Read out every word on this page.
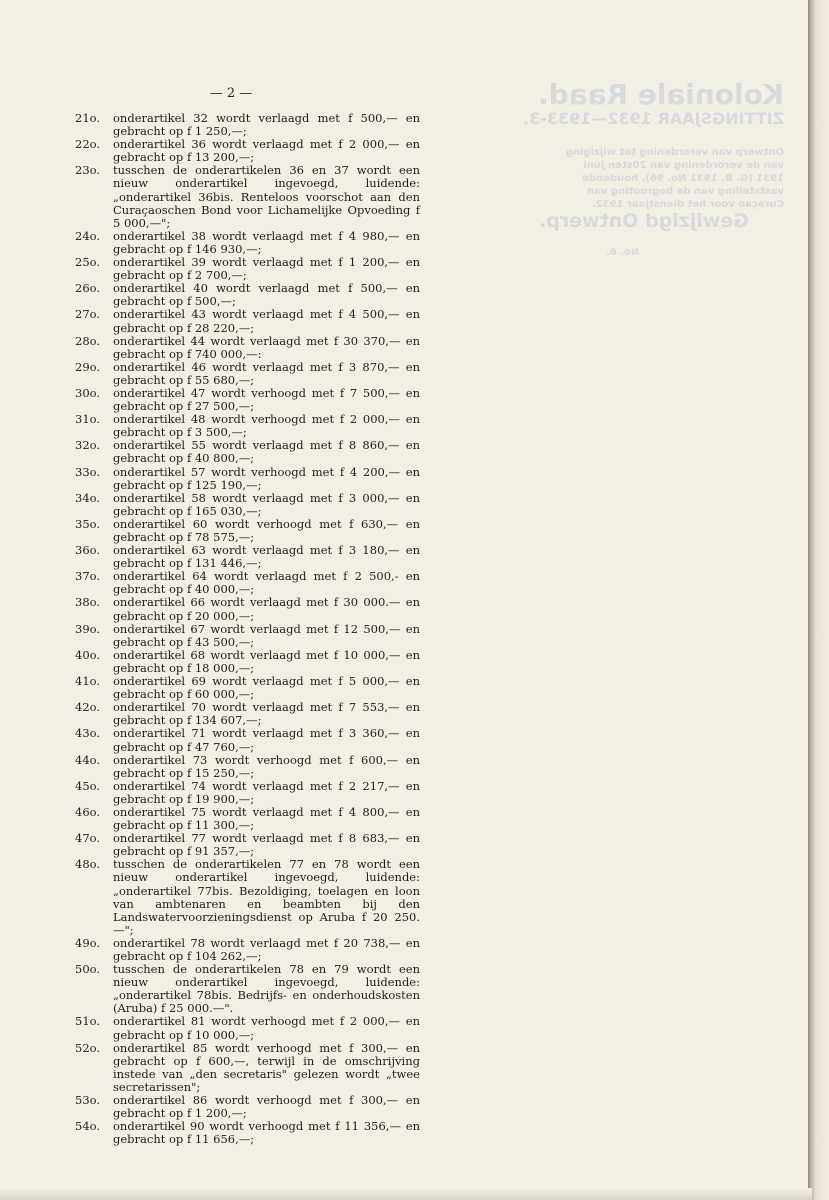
Koloniale Raad.
ZITTINGSJAAR 1932—1933-3.
Ontwerp van verordening tot wijziging van de verordening van 20sten Juni 1931 (G. B. 1931 No. 96), houdende vaststelling van de begrooting van Curaçao voor het dienstjaar 1932.
Gewijzigd Ontwerp.
No. 6.
— 2 —
21o.	onderartikel 32 wordt verlaagd met f 500,— en gebracht op f 1 250,—;
22o.	onderartikel 36 wordt verlaagd met f 2 000,— en gebracht op f 13 200,—;
23o.	tusschen de onderartikelen 36 en 37 wordt een nieuw onderartikel ingevoegd, luidende: „onderartikel 36bis. Renteloos voorschot aan den Curaçaoschen Bond voor Lichamelijke Opvoeding f 5 000,—";
24o.	onderartikel 38 wordt verlaagd met f 4 980,— en gebracht op f 146 930,—;
25o.	onderartikel 39 wordt verlaagd met f 1 200,— en gebracht op f 2 700,—;
26o.	onderartikel 40 wordt verlaagd met f 500,— en gebracht op f 500,—;
27o.	onderartikel 43 wordt verlaagd met f 4 500,— en gebracht op f 28 220,—;
28o.	onderartikel 44 wordt verlaagd met f 30 370,— en gebracht op f 740 000,—:
29o.	onderartikel 46 wordt verlaagd met f 3 870,— en gebracht op f 55 680,—;
30o.	onderartikel 47 wordt verhoogd met f 7 500,— en gebracht op f 27 500,—;
31o.	onderartikel 48 wordt verhoogd met f 2 000,— en gebracht op f 3 500,—;
32o.	onderartikel 55 wordt verlaagd met f 8 860,— en gebracht op f 40 800,—;
33o.	onderartikel 57 wordt verhoogd met f 4 200,— en gebracht op f 125 190,—;
34o.	onderartikel 58 wordt verlaagd met f 3 000,— en gebracht op f 165 030,—;
35o.	onderartikel 60 wordt verhoogd met f 630,— en gebracht op f 78 575,—;
36o.	onderartikel 63 wordt verlaagd met f 3 180,— en gebracht op f 131 446,—;
37o.	onderartikel 64 wordt verlaagd met f 2 500,- en gebracht op f 40 000,—;
38o.	onderartikel 66 wordt verlaagd met f 30 000.— en gebracht op f 20 000,—;
39o.	onderartikel 67 wordt verlaagd met f 12 500,— en gebracht op f 43 500,—;
40o.	onderartikel 68 wordt verlaagd met f 10 000,— en gebracht op f 18 000,—;
41o.	onderartikel 69 wordt verlaagd met f 5 000,— en gebracht op f 60 000,—;
42o.	onderartikel 70 wordt verlaagd met f 7 553,— en gebracht op f 134 607,—;
43o.	onderartikel 71 wordt verlaagd met f 3 360,— en gebracht op f 47 760,—;
44o.	onderartikel 73 wordt verhoogd met f 600,— en gebracht op f 15 250,—;
45o.	onderartikel 74 wordt verlaagd met f 2 217,— en gebracht op f 19 900,—;
46o.	onderartikel 75 wordt verlaagd met f 4 800,— en gebracht op f 11 300,—;
47o.	onderartikel 77 wordt verlaagd met f 8 683,— en gebracht op f 91 357,—;
48o.	tusschen de onderartikelen 77 en 78 wordt een nieuw onderartikel ingevoegd, luidende: „onderartikel 77bis. Bezoldiging, toelagen en loon van ambtenaren en beambten bij den Landswatervoorzieningsdienst op Aruba f 20 250.—";
49o.	onderartikel 78 wordt verlaagd met f 20 738,— en gebracht op f 104 262,—;
50o.	tusschen de onderartikelen 78 en 79 wordt een nieuw onderartikel ingevoegd, luidende: „onderartikel 78bis. Bedrijfs- en onderhoudskosten (Aruba) f 25 000.—".
51o.	onderartikel 81 wordt verhoogd met f 2 000,— en gebracht op f 10 000,—;
52o.	onderartikel 85 wordt verhoogd met f 300,— en gebracht op f 600,—, terwijl in de omschrijving instede van „den secretaris" gelezen wordt „twee secretarissen";
53o.	onderartikel 86 wordt verhoogd met f 300,— en gebracht op f 1 200,—;
54o.	onderartikel 90 wordt verhoogd met f 11 356,— en gebracht op f 11 656,—;
